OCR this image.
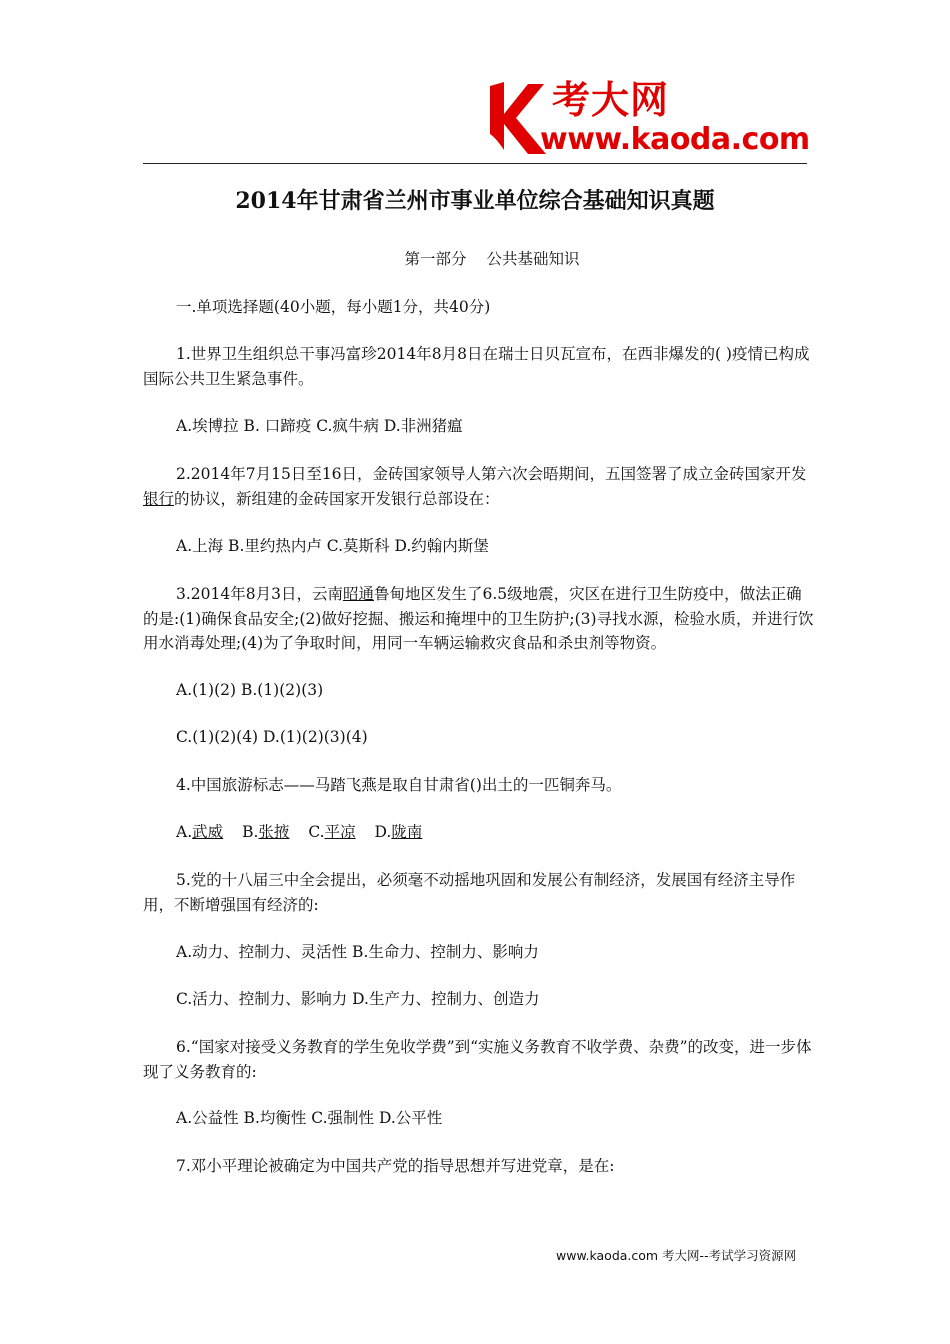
考大网
www.kaoda.com
2014年甘肃省兰州市事业单位综合基础知识真题
第一部分 公共基础知识
一.单项选择题(40小题，每小题1分，共40分)
1.世界卫生组织总干事冯富珍2014年8月8日在瑞士日贝瓦宣布，在西非爆发的( )疫情已构成国际公共卫生紧急事件。
A.埃博拉 B. 口蹄疫 C.疯牛病 D.非洲猪瘟
2.2014年7月15日至16日，金砖国家领导人第六次会晤期间，五国签署了成立金砖国家开发银行的协议，新组建的金砖国家开发银行总部设在：
A.上海 B.里约热内卢 C.莫斯科 D.约翰内斯堡
3.2014年8月3日，云南昭通鲁甸地区发生了6.5级地震，灾区在进行卫生防疫中，做法正确的是:(1)确保食品安全;(2)做好挖掘、搬运和掩埋中的卫生防护;(3)寻找水源，检验水质，并进行饮用水消毒处理;(4)为了争取时间，用同一车辆运输救灾食品和杀虫剂等物资。
A.(1)(2) B.(1)(2)(3)
C.(1)(2)(4) D.(1)(2)(3)(4)
4.中国旅游标志——马踏飞燕是取自甘肃省()出土的一匹铜奔马。
A.武威 B.张掖 C.平凉 D.陇南
5.党的十八届三中全会提出，必须毫不动摇地巩固和发展公有制经济，发展国有经济主导作用，不断增强国有经济的:
A.动力、控制力、灵活性 B.生命力、控制力、影响力
C.活力、控制力、影响力 D.生产力、控制力、创造力
6.“国家对接受义务教育的学生免收学费”到“实施义务教育不收学费、杂费”的改变，进一步体现了义务教育的:
A.公益性 B.均衡性 C.强制性 D.公平性
7.邓小平理论被确定为中国共产党的指导思想并写进党章，是在:
www.kaoda.com 考大网--考试学习资源网
